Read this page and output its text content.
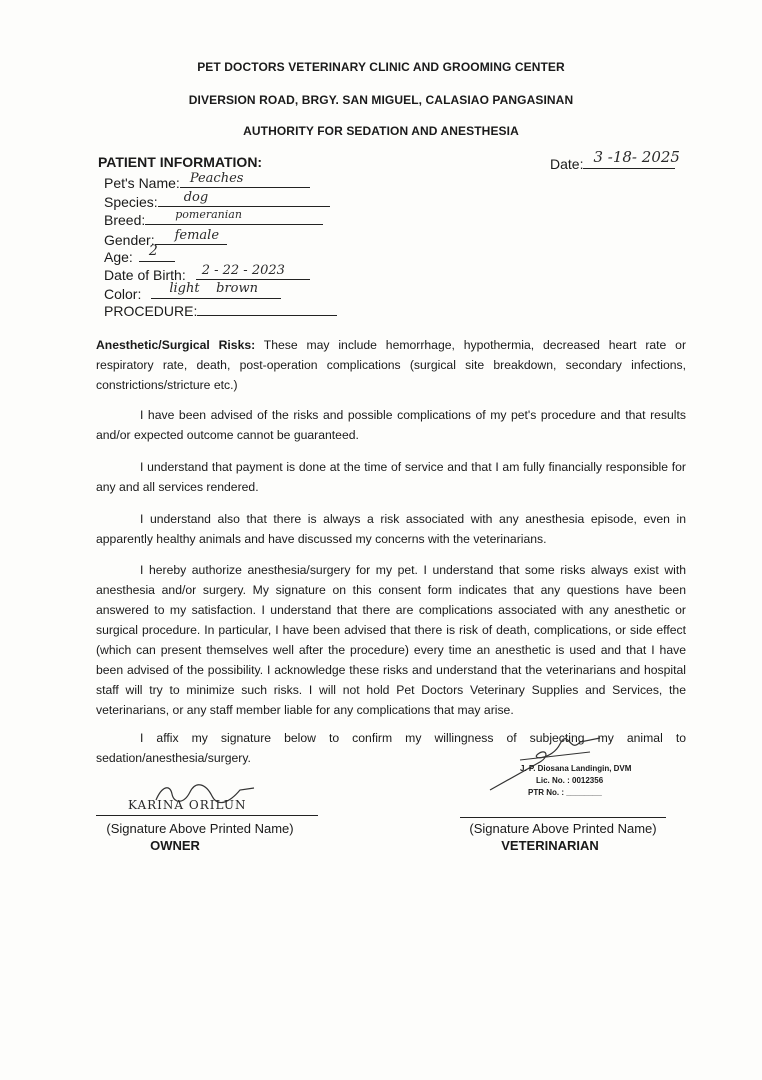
PET DOCTORS VETERINARY CLINIC AND GROOMING CENTER
DIVERSION ROAD, BRGY. SAN MIGUEL, CALASIAO PANGASINAN
AUTHORITY FOR SEDATION AND ANESTHESIA
PATIENT INFORMATION:	Date: 3 -18- 2025
Pet's Name: Peaches
Species: dog
Breed:	pomeranian
Gender: female
Age: 2
Date of Birth: 2 - 22 - 2023
Color: light    brown
PROCEDURE:
Anesthetic/Surgical Risks: These may include hemorrhage, hypothermia, decreased heart rate or respiratory rate, death, post-operation complications (surgical site breakdown, secondary infections, constrictions/stricture etc.)
I have been advised of the risks and possible complications of my pet's procedure and that results and/or expected outcome cannot be guaranteed.
I understand that payment is done at the time of service and that I am fully financially responsible for any and all services rendered.
I understand also that there is always a risk associated with any anesthesia episode, even in apparently healthy animals and have discussed my concerns with the veterinarians.
I hereby authorize anesthesia/surgery for my pet. I understand that some risks always exist with anesthesia and/or surgery. My signature on this consent form indicates that any questions have been answered to my satisfaction. I understand that there are complications associated with any anesthetic or surgical procedure. In particular, I have been advised that there is risk of death, complications, or side effect (which can present themselves well after the procedure) every time an anesthetic is used and that I have been advised of the possibility. I acknowledge these risks and understand that the veterinarians and hospital staff will try to minimize such risks. I will not hold Pet Doctors Veterinary Supplies and Services, the veterinarians, or any staff member liable for any complications that may arise.
I affix my signature below to confirm my willingness of subjecting my animal to sedation/anesthesia/surgery.
KARINA ORILUN
(Signature Above Printed Name)
OWNER
J. P. Diosana Landingin, DVM
Lic. No. : 0012356
PTR No. : ________
(Signature Above Printed Name)
VETERINARIAN
